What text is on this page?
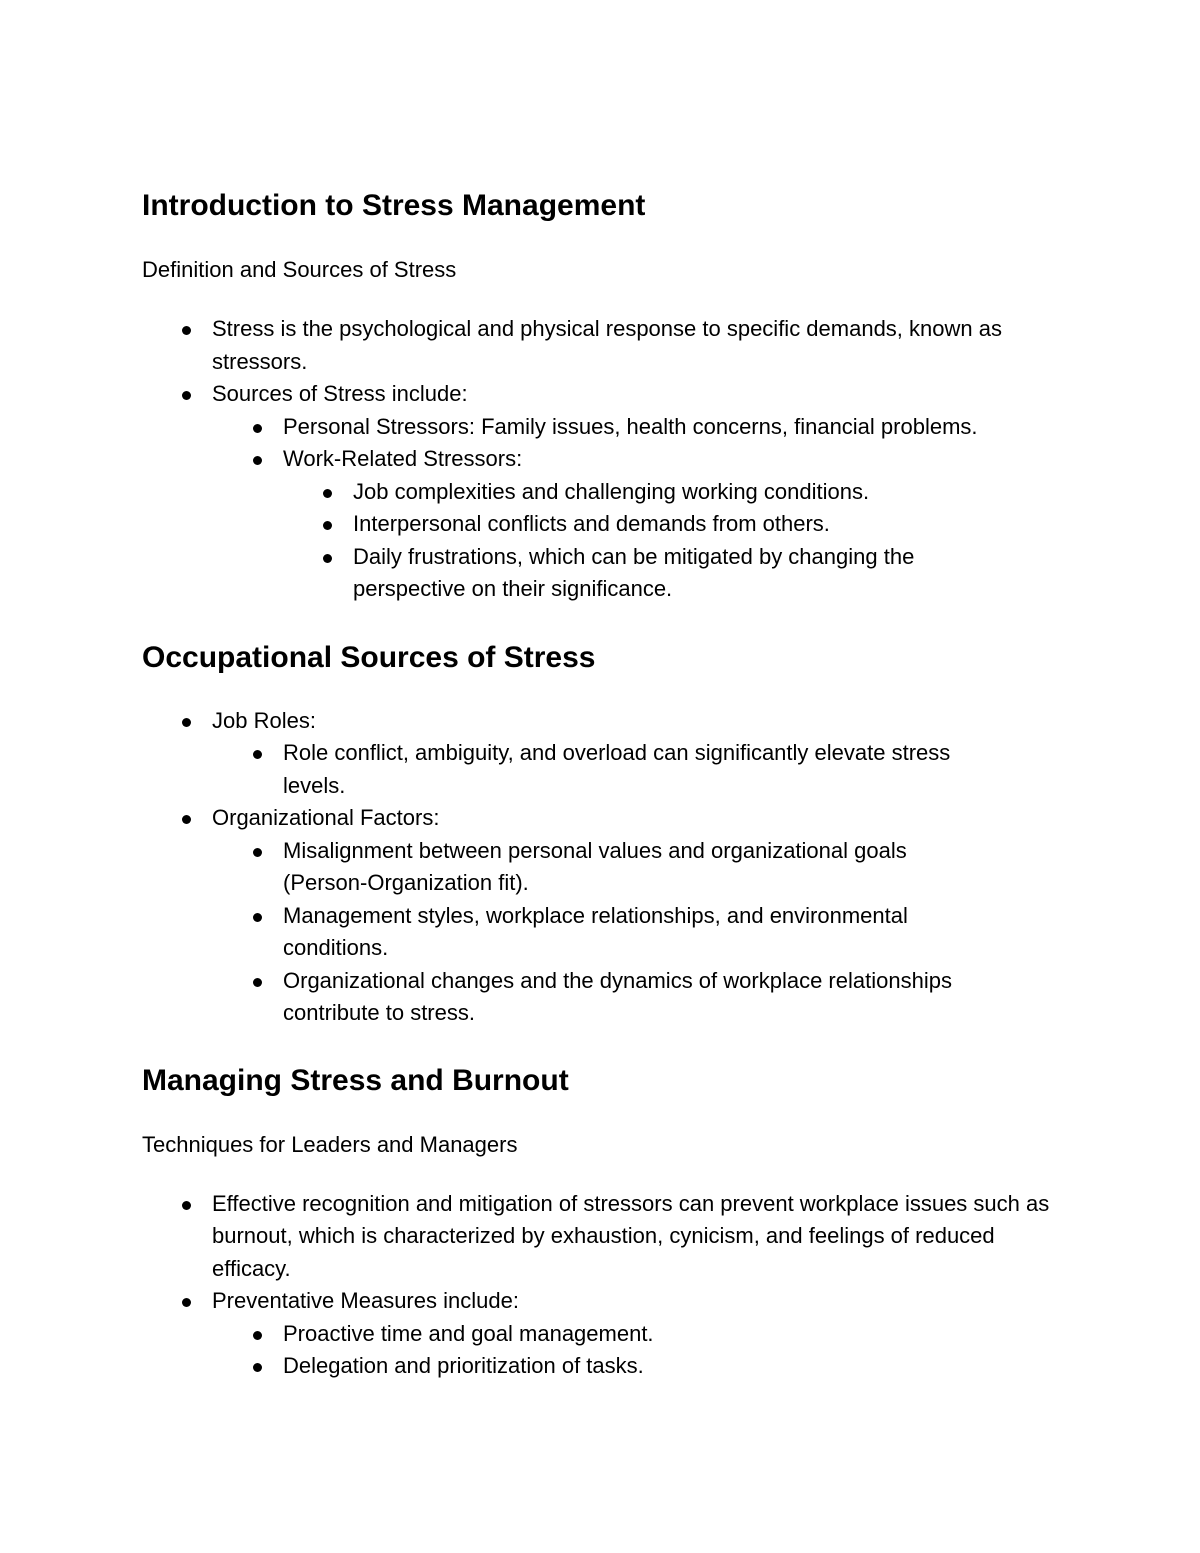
Introduction to Stress Management

Definition and Sources of Stress

Stress is the psychological and physical response to specific demands, known as stressors.
Sources of Stress include:
Personal Stressors: Family issues, health concerns, financial problems.
Work-Related Stressors:
Job complexities and challenging working conditions.
Interpersonal conflicts and demands from others.
Daily frustrations, which can be mitigated by changing the perspective on their significance.
Occupational Sources of Stress
Job Roles:
Role conflict, ambiguity, and overload can significantly elevate stress levels.
Organizational Factors:
Misalignment between personal values and organizational goals (Person-Organization fit).
Management styles, workplace relationships, and environmental conditions.
Organizational changes and the dynamics of workplace relationships contribute to stress.
Managing Stress and Burnout

Techniques for Leaders and Managers

Effective recognition and mitigation of stressors can prevent workplace issues such as burnout, which is characterized by exhaustion, cynicism, and feelings of reduced efficacy.
Preventative Measures include:
Proactive time and goal management.
Delegation and prioritization of tasks.
